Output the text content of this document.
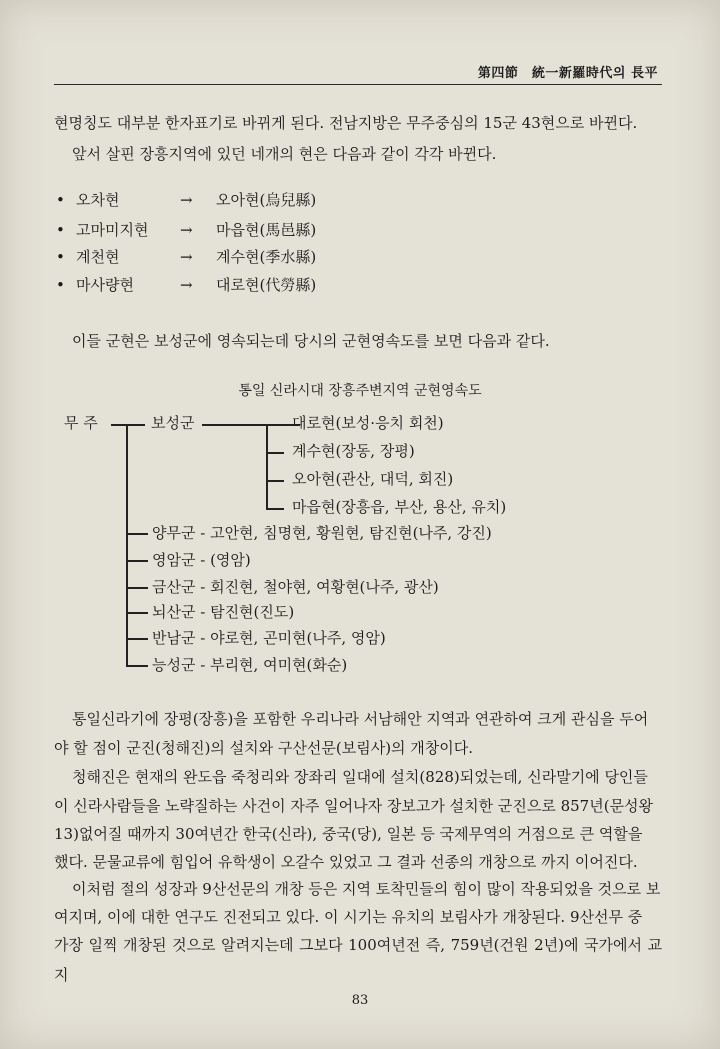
第四節　統一新羅時代의 長平
현명칭도 대부분 한자표기로 바뀌게 된다. 전남지방은 무주중심의 15군 43현으로 바뀐다.
앞서 살핀 장흥지역에 있던 네개의 현은 다음과 같이 각각 바뀐다.
• 오차현	→ 오아현(烏兒縣)
• 고마미지현 → 마읍현(馬邑縣)
• 계천현	→ 계수현(季水縣)
• 마사량현	→ 대로현(代勞縣)
이들 군현은 보성군에 영속되는데 당시의 군현영속도를 보면 다음과 같다.
통일 신라시대 장흥주변지역 군현영속도
무 주	보성군	대로현(보성·응치 회천)
계수현(장동, 장평)
오아현(관산, 대덕, 회진)
마읍현(장흥읍, 부산, 용산, 유치)
양무군 - 고안현, 침명현, 황원현, 탐진현(나주, 강진)
영암군 - (영암)
금산군 - 회진현, 철야현, 여황현(나주, 광산)
뇌산군 - 탐진현(진도)
반남군 - 야로현, 곤미현(나주, 영암)
능성군 - 부리현, 여미현(화순)
통일신라기에 장평(장흥)을 포함한 우리나라 서남해안 지역과 연관하여 크게 관심을 두어
야 할 점이 군진(청해진)의 설치와 구산선문(보림사)의 개창이다.
청해진은 현재의 완도읍 죽청리와 장좌리 일대에 설치(828)되었는데, 신라말기에 당인들
이 신라사람들을 노략질하는 사건이 자주 일어나자 장보고가 설치한 군진으로 857년(문성왕
13)없어질 때까지 30여년간 한국(신라), 중국(당), 일본 등 국제무역의 거점으로 큰 역할을
했다. 문물교류에 힘입어 유학생이 오갈수 있었고 그 결과 선종의 개창으로 까지 이어진다.
이처럼 절의 성장과 9산선문의 개창 등은 지역 토착민들의 힘이 많이 작용되었을 것으로 보
여지며, 이에 대한 연구도 진전되고 있다. 이 시기는 유치의 보림사가 개창된다. 9산선무 중
가장 일찍 개창된 것으로 알려지는데 그보다 100여년전 즉, 759년(건원 2년)에 국가에서 교지
83
